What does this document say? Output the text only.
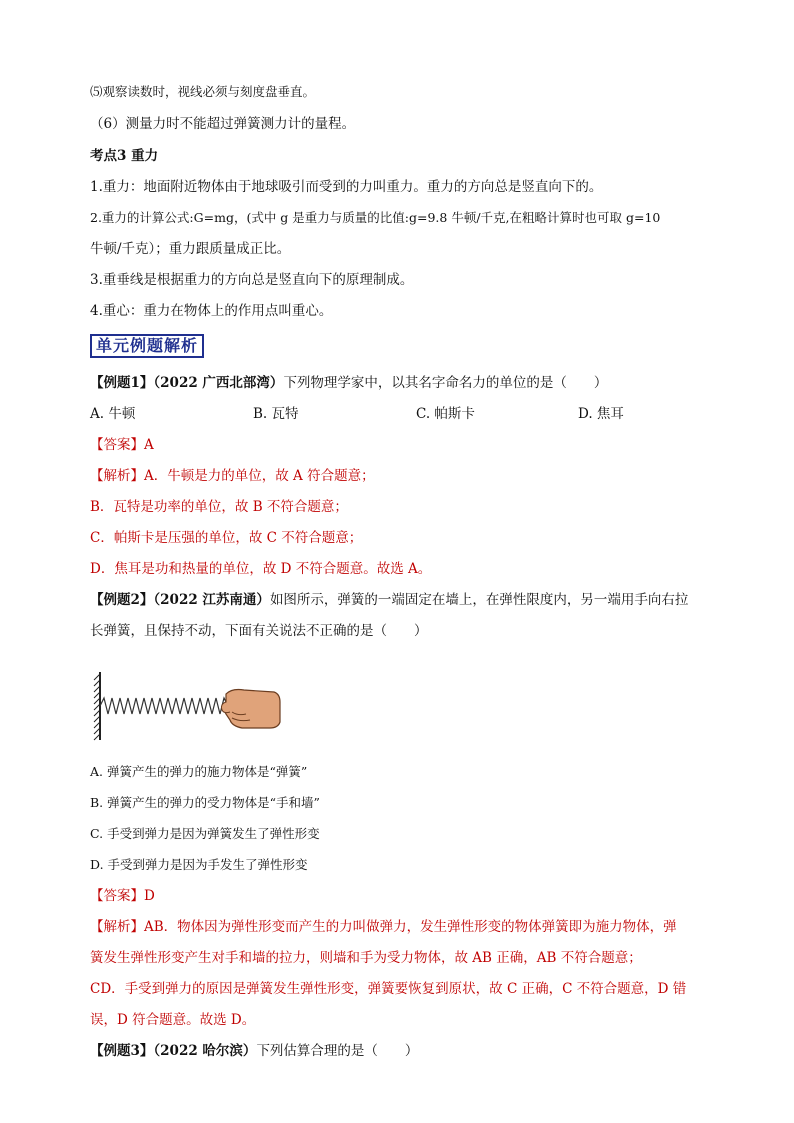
⑸观察读数时，视线必须与刻度盘垂直。
（6）测量力时不能超过弹簧测力计的量程。
考点3 重力
1.重力：地面附近物体由于地球吸引而受到的力叫重力。重力的方向总是竖直向下的。
2.重力的计算公式:G=mg，(式中 g 是重力与质量的比值:g=9.8 牛顿/千克,在粗略计算时也可取 g=10
牛顿/千克）；重力跟质量成正比。
3.重垂线是根据重力的方向总是竖直向下的原理制成。
4.重心：重力在物体上的作用点叫重心。
单元例题解析
【例题1】（2022 广西北部湾）下列物理学家中，以其名字命名力的单位的是（　　）
A. 牛顿	B. 瓦特	C. 帕斯卡	D. 焦耳
【答案】A
【解析】A．牛顿是力的单位，故 A 符合题意；
B．瓦特是功率的单位，故 B 不符合题意；
C．帕斯卡是压强的单位，故 C 不符合题意；
D．焦耳是功和热量的单位，故 D 不符合题意。故选 A。
【例题2】（2022 江苏南通）如图所示，弹簧的一端固定在墙上，在弹性限度内，另一端用手向右拉
长弹簧，且保持不动，下面有关说法不正确的是（　　）
A. 弹簧产生的弹力的施力物体是“弹簧”
B. 弹簧产生的弹力的受力物体是“手和墙”
C. 手受到弹力是因为弹簧发生了弹性形变
D. 手受到弹力是因为手发生了弹性形变
【答案】D
【解析】AB．物体因为弹性形变而产生的力叫做弹力，发生弹性形变的物体弹簧即为施力物体，弹
簧发生弹性形变产生对手和墙的拉力，则墙和手为受力物体，故 AB 正确，AB 不符合题意；
CD．手受到弹力的原因是弹簧发生弹性形变，弹簧要恢复到原状，故 C 正确，C 不符合题意，D 错
误，D 符合题意。故选 D。
【例题3】（2022 哈尔滨）下列估算合理的是（　　）
